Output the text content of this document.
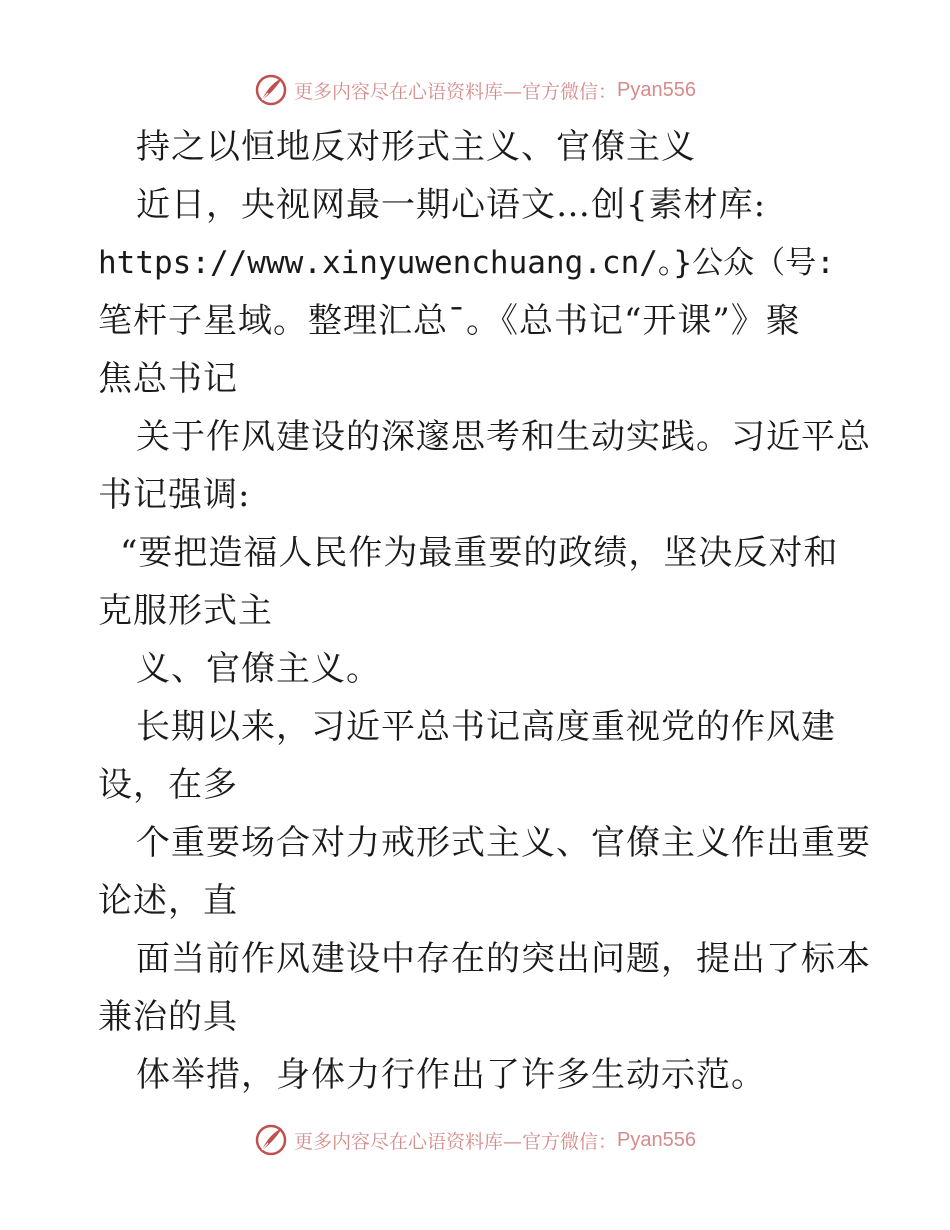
更多内容尽在心语资料库—官方微信： Pyan556
持之以恒地反对形式主义、官僚主义
近日，央视网最一期心语文…创{素材库:
https://www.xinyuwenchuang.cn/。}公众（号:
笔杆子星域。整理汇总¯。《总书记“开课”》聚
焦总书记
关于作风建设的深邃思考和生动实践。习近平总
书记强调:
“要把造福人民作为最重要的政绩，坚决反对和
克服形式主
义、官僚主义。
长期以来，习近平总书记高度重视党的作风建
设，在多
个重要场合对力戒形式主义、官僚主义作出重要
论述，直
面当前作风建设中存在的突出问题，提出了标本
兼治的具
体举措，身体力行作出了许多生动示范。
更多内容尽在心语资料库—官方微信： Pyan556
